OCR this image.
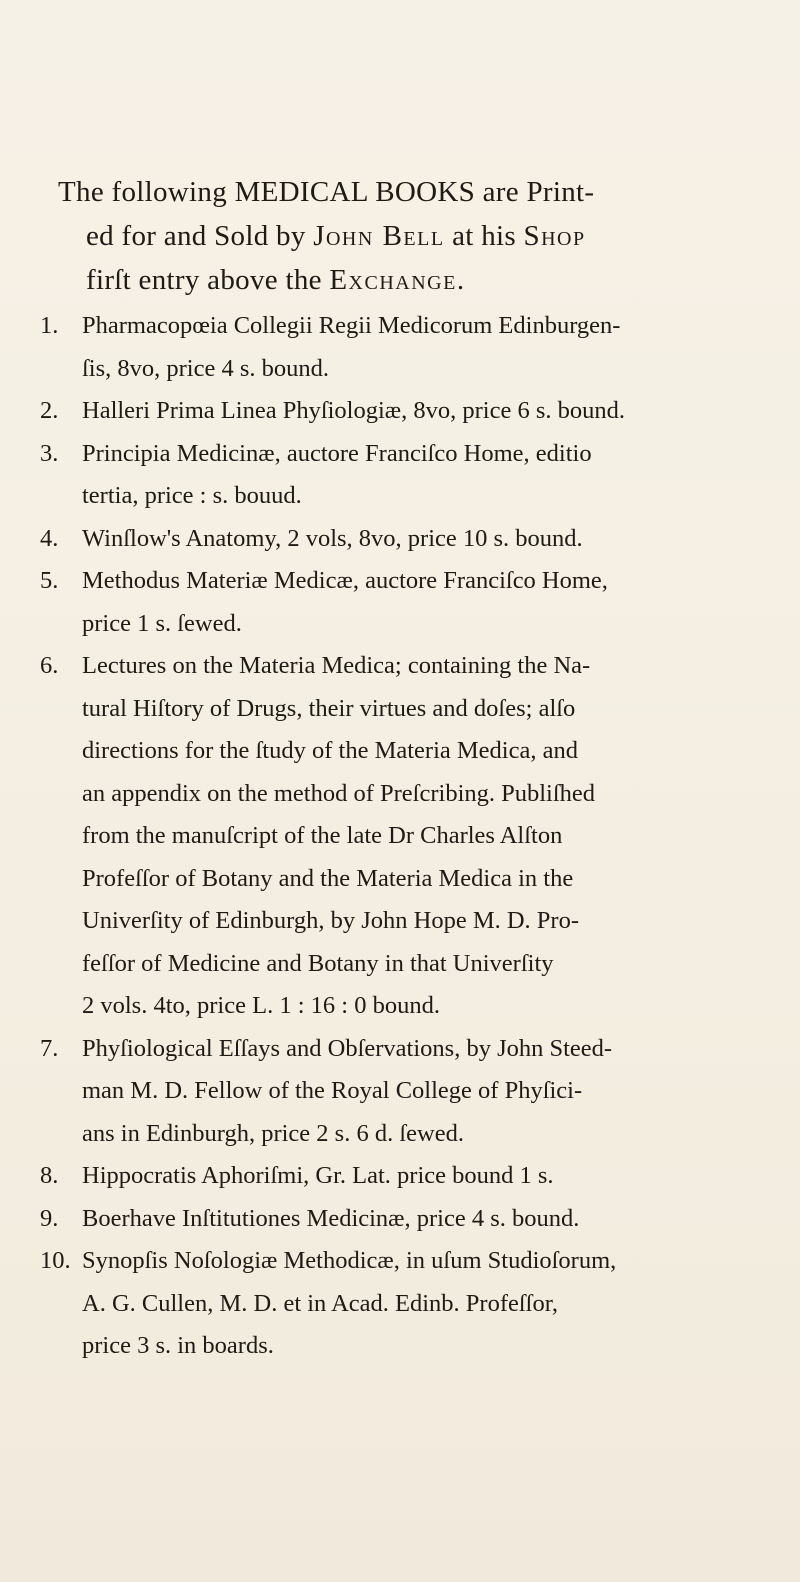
The following MEDICAL BOOKS are Print-
ed for and Sold by John Bell at his Shop
firſt entry above the Exchange.
1. Pharmacopœia Collegii Regii Medicorum Edinburgen-
ſis, 8vo, price 4 s. bound.
2. Halleri Prima Linea Phyſiologiæ, 8vo, price 6 s. bound.
3. Principia Medicinæ, auctore Franciſco Home, editio
tertia, price : s. bouud.
4. Winſlow's Anatomy, 2 vols, 8vo, price 10 s. bound.
5. Methodus Materiæ Medicæ, auctore Franciſco Home,
price 1 s. ſewed.
6. Lectures on the Materia Medica; containing the Na-
tural Hiſtory of Drugs, their virtues and doſes; alſo
directions for the ſtudy of the Materia Medica, and
an appendix on the method of Preſcribing. Publiſhed
from the manuſcript of the late Dr Charles Alſton
Profeſſor of Botany and the Materia Medica in the
Univerſity of Edinburgh, by John Hope M. D. Pro-
feſſor of Medicine and Botany in that Univerſity
2 vols. 4to, price L. 1 : 16 : 0 bound.
7. Phyſiological Eſſays and Obſervations, by John Steed-
man M. D. Fellow of the Royal College of Phyſici-
ans in Edinburgh, price 2 s. 6 d. ſewed.
8. Hippocratis Aphoriſmi, Gr. Lat. price bound 1 s.
9. Boerhave Inſtitutiones Medicinæ, price 4 s. bound.
10. Synopſis Noſologiæ Methodicæ, in uſum Studioſorum,
A. G. Cullen, M. D. et in Acad. Edinb. Profeſſor,
price 3 s. in boards.
